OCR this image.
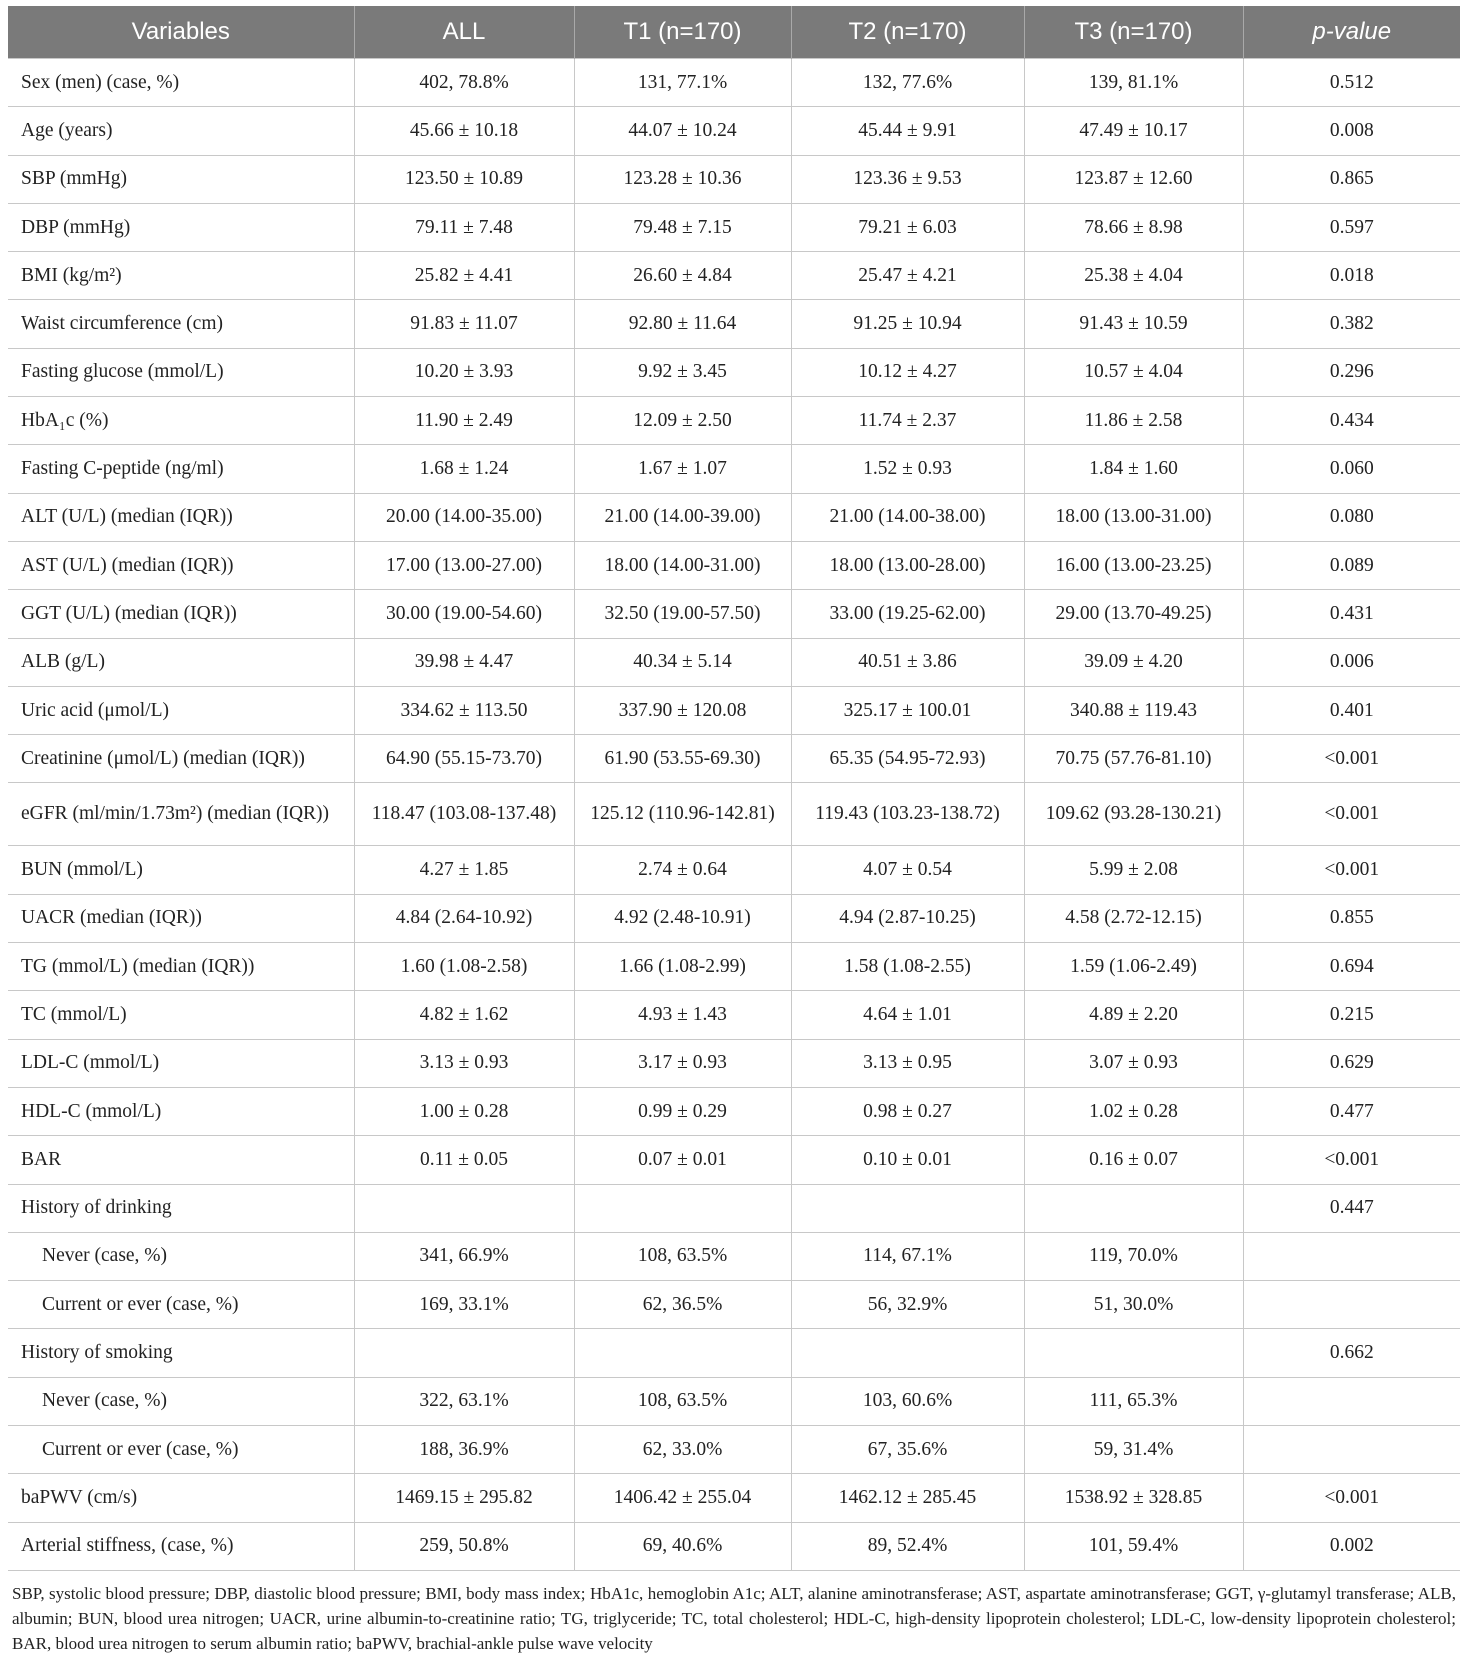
Variables	ALL	T1 (n=170)	T2 (n=170)	T3 (n=170)	p-value
Sex (men) (case, %)	402, 78.8%	131, 77.1%	132, 77.6%	139, 81.1%	0.512
Age (years)	45.66 ± 10.18	44.07 ± 10.24	45.44 ± 9.91	47.49 ± 10.17	0.008
SBP (mmHg)	123.50 ± 10.89	123.28 ± 10.36	123.36 ± 9.53	123.87 ± 12.60	0.865
DBP (mmHg)	79.11 ± 7.48	79.48 ± 7.15	79.21 ± 6.03	78.66 ± 8.98	0.597
BMI (kg/m²)	25.82 ± 4.41	26.60 ± 4.84	25.47 ± 4.21	25.38 ± 4.04	0.018
Waist circumference (cm)	91.83 ± 11.07	92.80 ± 11.64	91.25 ± 10.94	91.43 ± 10.59	0.382
Fasting glucose (mmol/L)	10.20 ± 3.93	9.92 ± 3.45	10.12 ± 4.27	10.57 ± 4.04	0.296
HbA₁c (%)	11.90 ± 2.49	12.09 ± 2.50	11.74 ± 2.37	11.86 ± 2.58	0.434
Fasting C-peptide (ng/ml)	1.68 ± 1.24	1.67 ± 1.07	1.52 ± 0.93	1.84 ± 1.60	0.060
ALT (U/L) (median (IQR))	20.00 (14.00-35.00)	21.00 (14.00-39.00)	21.00 (14.00-38.00)	18.00 (13.00-31.00)	0.080
AST (U/L) (median (IQR))	17.00 (13.00-27.00)	18.00 (14.00-31.00)	18.00 (13.00-28.00)	16.00 (13.00-23.25)	0.089
GGT (U/L) (median (IQR))	30.00 (19.00-54.60)	32.50 (19.00-57.50)	33.00 (19.25-62.00)	29.00 (13.70-49.25)	0.431
ALB (g/L)	39.98 ± 4.47	40.34 ± 5.14	40.51 ± 3.86	39.09 ± 4.20	0.006
Uric acid (μmol/L)	334.62 ± 113.50	337.90 ± 120.08	325.17 ± 100.01	340.88 ± 119.43	0.401
Creatinine (μmol/L) (median (IQR))	64.90 (55.15-73.70)	61.90 (53.55-69.30)	65.35 (54.95-72.93)	70.75 (57.76-81.10)	<0.001
eGFR (ml/min/1.73m²) (median (IQR))	118.47 (103.08-137.48)	125.12 (110.96-142.81)	119.43 (103.23-138.72)	109.62 (93.28-130.21)	<0.001
BUN (mmol/L)	4.27 ± 1.85	2.74 ± 0.64	4.07 ± 0.54	5.99 ± 2.08	<0.001
UACR (median (IQR))	4.84 (2.64-10.92)	4.92 (2.48-10.91)	4.94 (2.87-10.25)	4.58 (2.72-12.15)	0.855
TG (mmol/L) (median (IQR))	1.60 (1.08-2.58)	1.66 (1.08-2.99)	1.58 (1.08-2.55)	1.59 (1.06-2.49)	0.694
TC (mmol/L)	4.82 ± 1.62	4.93 ± 1.43	4.64 ± 1.01	4.89 ± 2.20	0.215
LDL-C (mmol/L)	3.13 ± 0.93	3.17 ± 0.93	3.13 ± 0.95	3.07 ± 0.93	0.629
HDL-C (mmol/L)	1.00 ± 0.28	0.99 ± 0.29	0.98 ± 0.27	1.02 ± 0.28	0.477
BAR	0.11 ± 0.05	0.07 ± 0.01	0.10 ± 0.01	0.16 ± 0.07	<0.001
History of drinking					0.447
Never (case, %)	341, 66.9%	108, 63.5%	114, 67.1%	119, 70.0%	
Current or ever (case, %)	169, 33.1%	62, 36.5%	56, 32.9%	51, 30.0%	
History of smoking					0.662
Never (case, %)	322, 63.1%	108, 63.5%	103, 60.6%	111, 65.3%	
Current or ever (case, %)	188, 36.9%	62, 33.0%	67, 35.6%	59, 31.4%	
baPWV (cm/s)	1469.15 ± 295.82	1406.42 ± 255.04	1462.12 ± 285.45	1538.92 ± 328.85	<0.001
Arterial stiffness, (case, %)	259, 50.8%	69, 40.6%	89, 52.4%	101, 59.4%	0.002
SBP, systolic blood pressure; DBP, diastolic blood pressure; BMI, body mass index; HbA1c, hemoglobin A1c; ALT, alanine aminotransferase; AST, aspartate aminotransferase; GGT, γ-glutamyl transferase; ALB, albumin; BUN, blood urea nitrogen; UACR, urine albumin-to-creatinine ratio; TG, triglyceride; TC, total cholesterol; HDL-C, high-density lipoprotein cholesterol; LDL-C, low-density lipoprotein cholesterol; BAR, blood urea nitrogen to serum albumin ratio; baPWV, brachial-ankle pulse wave velocity
